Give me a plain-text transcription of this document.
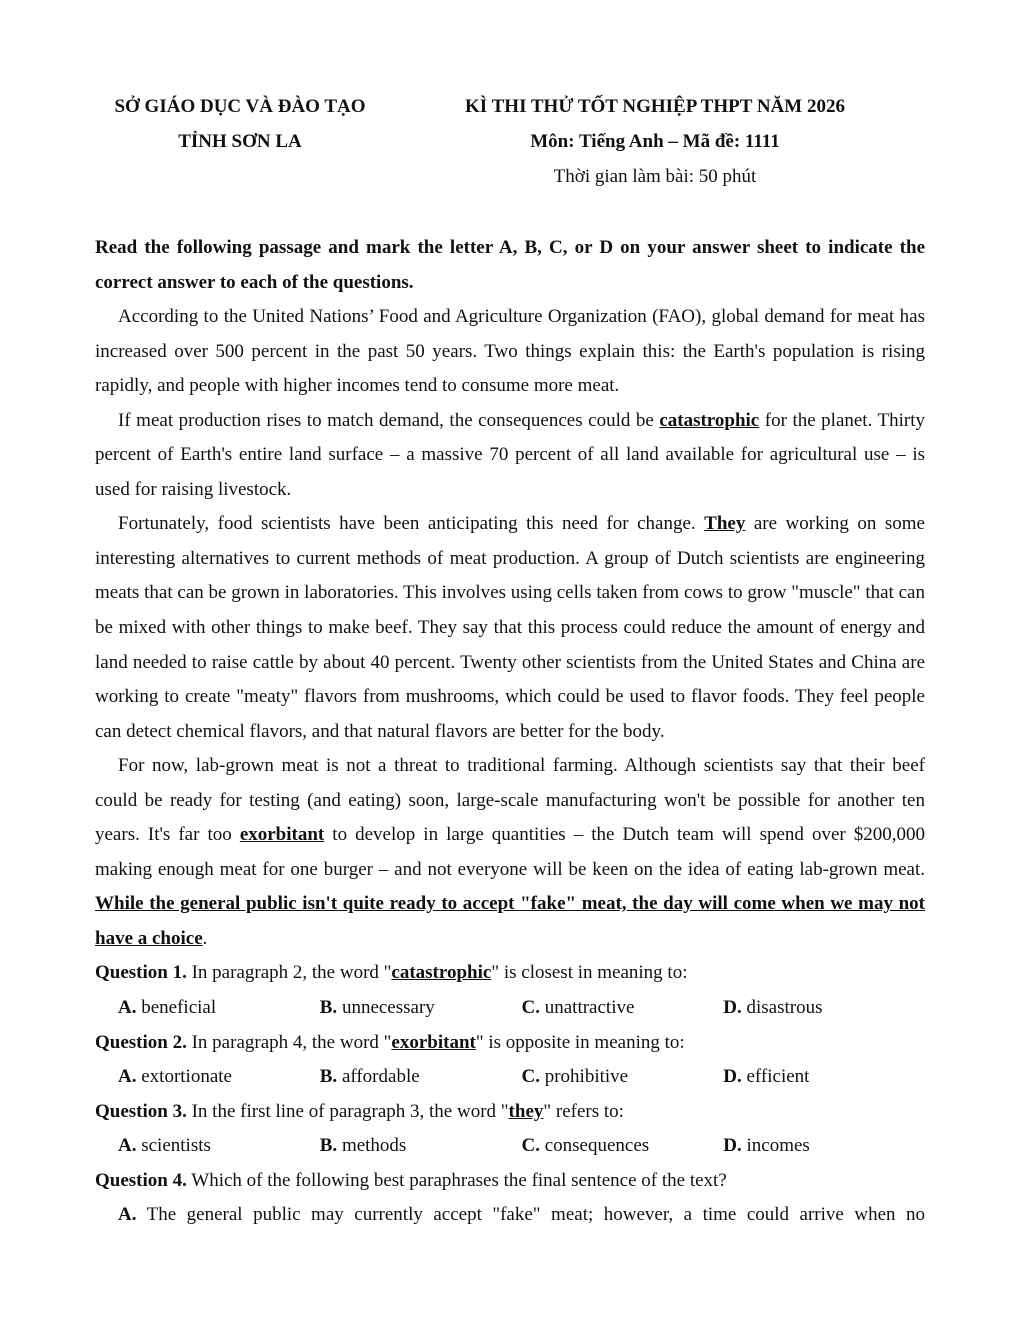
SỞ GIÁO DỤC VÀ ĐÀO TẠO
TỈNH SƠN LA
KÌ THI THỬ TỐT NGHIỆP THPT NĂM 2026
Môn: Tiếng Anh – Mã đề: 1111
Thời gian làm bài: 50 phút

Read the following passage and mark the letter A, B, C, or D on your answer sheet to indicate the correct answer to each of the questions.

According to the United Nations’ Food and Agriculture Organization (FAO), global demand for meat has increased over 500 percent in the past 50 years. Two things explain this: the Earth's population is rising rapidly, and people with higher incomes tend to consume more meat.

If meat production rises to match demand, the consequences could be catastrophic for the planet. Thirty percent of Earth's entire land surface – a massive 70 percent of all land available for agricultural use – is used for raising livestock.

Fortunately, food scientists have been anticipating this need for change. They are working on some interesting alternatives to current methods of meat production. A group of Dutch scientists are engineering meats that can be grown in laboratories. This involves using cells taken from cows to grow "muscle" that can be mixed with other things to make beef. They say that this process could reduce the amount of energy and land needed to raise cattle by about 40 percent. Twenty other scientists from the United States and China are working to create "meaty" flavors from mushrooms, which could be used to flavor foods. They feel people can detect chemical flavors, and that natural flavors are better for the body.

For now, lab-grown meat is not a threat to traditional farming. Although scientists say that their beef could be ready for testing (and eating) soon, large-scale manufacturing won't be possible for another ten years. It's far too exorbitant to develop in large quantities – the Dutch team will spend over $200,000 making enough meat for one burger – and not everyone will be keen on the idea of eating lab-grown meat. While the general public isn't quite ready to accept "fake" meat, the day will come when we may not have a choice.

Question 1. In paragraph 2, the word "catastrophic" is closest in meaning to:

A. beneficial	B. unnecessary	C. unattractive	D. disastrous

Question 2. In paragraph 4, the word "exorbitant" is opposite in meaning to:

A. extortionate	B. affordable	C. prohibitive	D. efficient

Question 3. In the first line of paragraph 3, the word "they" refers to:

A. scientists	B. methods	C. consequences	D. incomes

Question 4. Which of the following best paraphrases the final sentence of the text?

A. The general public may currently accept "fake" meat; however, a time could arrive when no
